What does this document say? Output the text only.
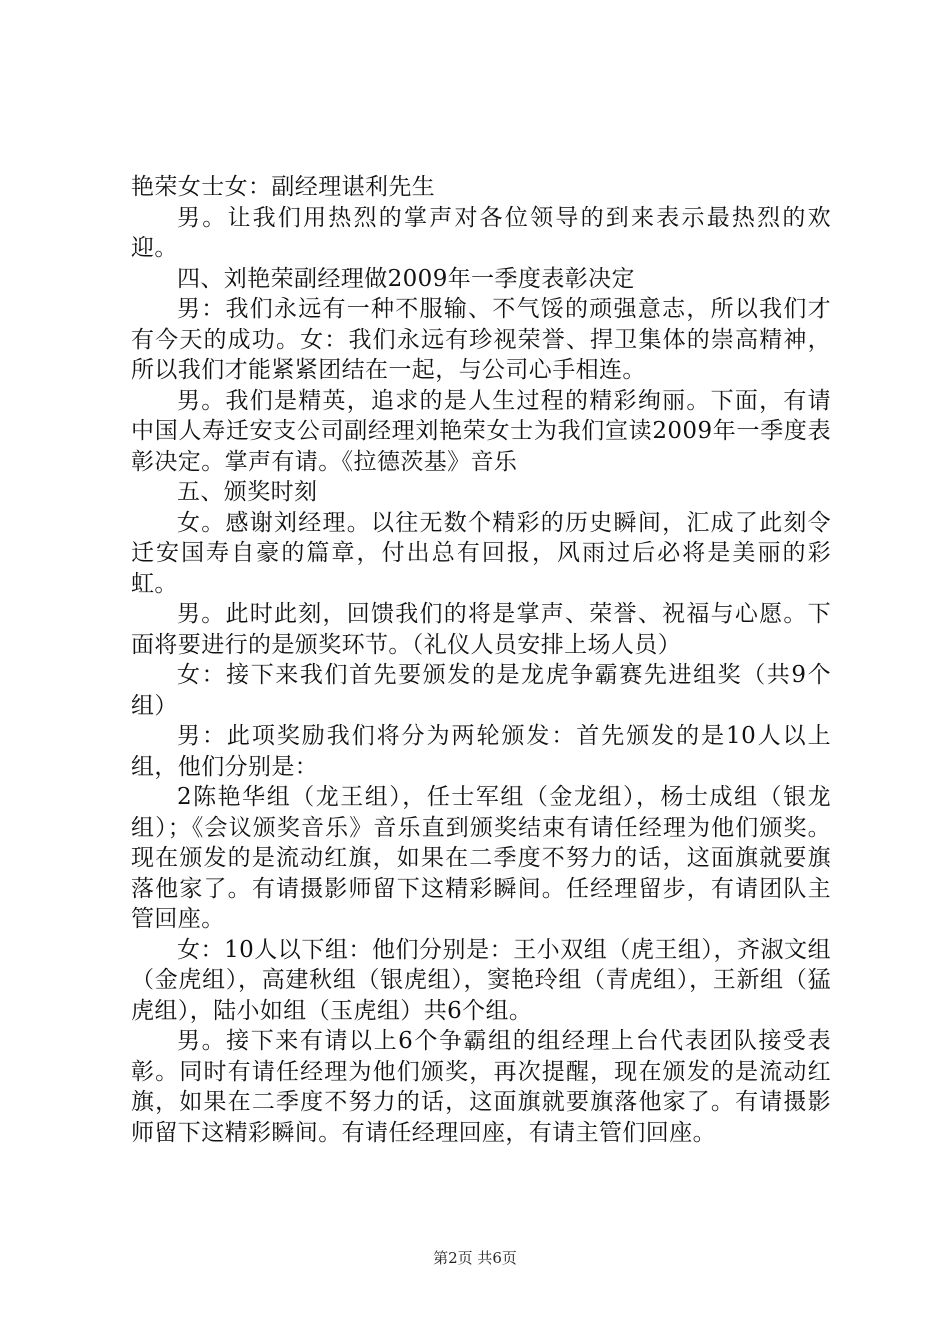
艳荣女士女：副经理谌利先生

男。让我们用热烈的掌声对各位领导的到来表示最热烈的欢迎。

四、刘艳荣副经理做2009年一季度表彰决定

男：我们永远有一种不服输、不气馁的顽强意志，所以我们才有今天的成功。女：我们永远有珍视荣誉、捍卫集体的崇高精神，所以我们才能紧紧团结在一起，与公司心手相连。

男。我们是精英，追求的是人生过程的精彩绚丽。下面，有请中国人寿迁安支公司副经理刘艳荣女士为我们宣读2009年一季度表彰决定。掌声有请。《拉德茨基》音乐

五、颁奖时刻

女。感谢刘经理。以往无数个精彩的历史瞬间，汇成了此刻令迁安国寿自豪的篇章，付出总有回报，风雨过后必将是美丽的彩虹。

男。此时此刻，回馈我们的将是掌声、荣誉、祝福与心愿。下面将要进行的是颁奖环节。（礼仪人员安排上场人员）

女：接下来我们首先要颁发的是龙虎争霸赛先进组奖（共9个组）

男：此项奖励我们将分为两轮颁发：首先颁发的是10人以上组，他们分别是：

2陈艳华组（龙王组），任士军组（金龙组），杨士成组（银龙组）；《会议颁奖音乐》音乐直到颁奖结束有请任经理为他们颁奖。现在颁发的是流动红旗，如果在二季度不努力的话，这面旗就要旗落他家了。有请摄影师留下这精彩瞬间。任经理留步，有请团队主管回座。

女：10人以下组：他们分别是：王小双组（虎王组），齐淑文组（金虎组），高建秋组（银虎组），窦艳玲组（青虎组），王新组（猛虎组），陆小如组（玉虎组）共6个组。

男。接下来有请以上6个争霸组的组经理上台代表团队接受表彰。同时有请任经理为他们颁奖，再次提醒，现在颁发的是流动红旗，如果在二季度不努力的话，这面旗就要旗落他家了。有请摄影师留下这精彩瞬间。有请任经理回座，有请主管们回座。

第2页 共6页
